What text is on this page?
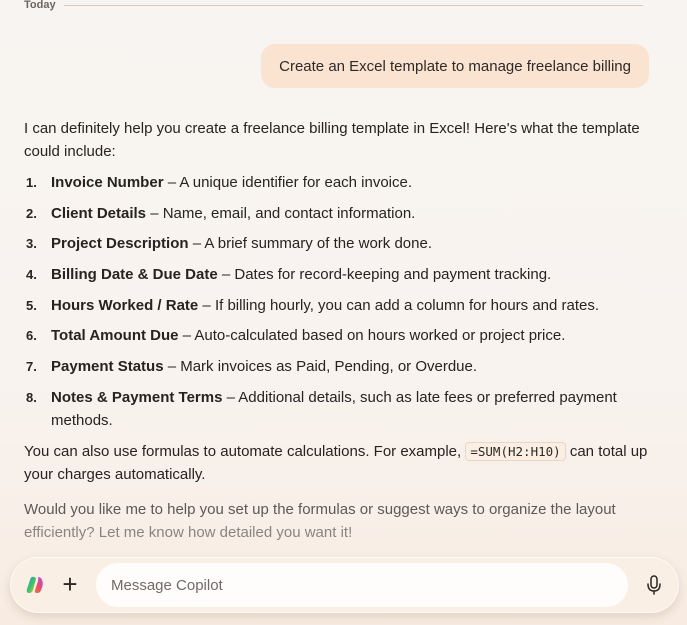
Today
Create an Excel template to manage freelance billing

I can definitely help you create a freelance billing template in Excel! Here's what the template could include:

1. Invoice Number – A unique identifier for each invoice.
2. Client Details – Name, email, and contact information.
3. Project Description – A brief summary of the work done.
4. Billing Date & Due Date – Dates for record-keeping and payment tracking.
5. Hours Worked / Rate – If billing hourly, you can add a column for hours and rates.
6. Total Amount Due – Auto-calculated based on hours worked or project price.
7. Payment Status – Mark invoices as Paid, Pending, or Overdue.
8. Notes & Payment Terms – Additional details, such as late fees or preferred payment methods.

You can also use formulas to automate calculations. For example, =SUM(H2:H10) can total up your charges automatically.

Would you like me to help you set up the formulas or suggest ways to organize the layout efficiently? Let me know how detailed you want it!

+
Message Copilot
